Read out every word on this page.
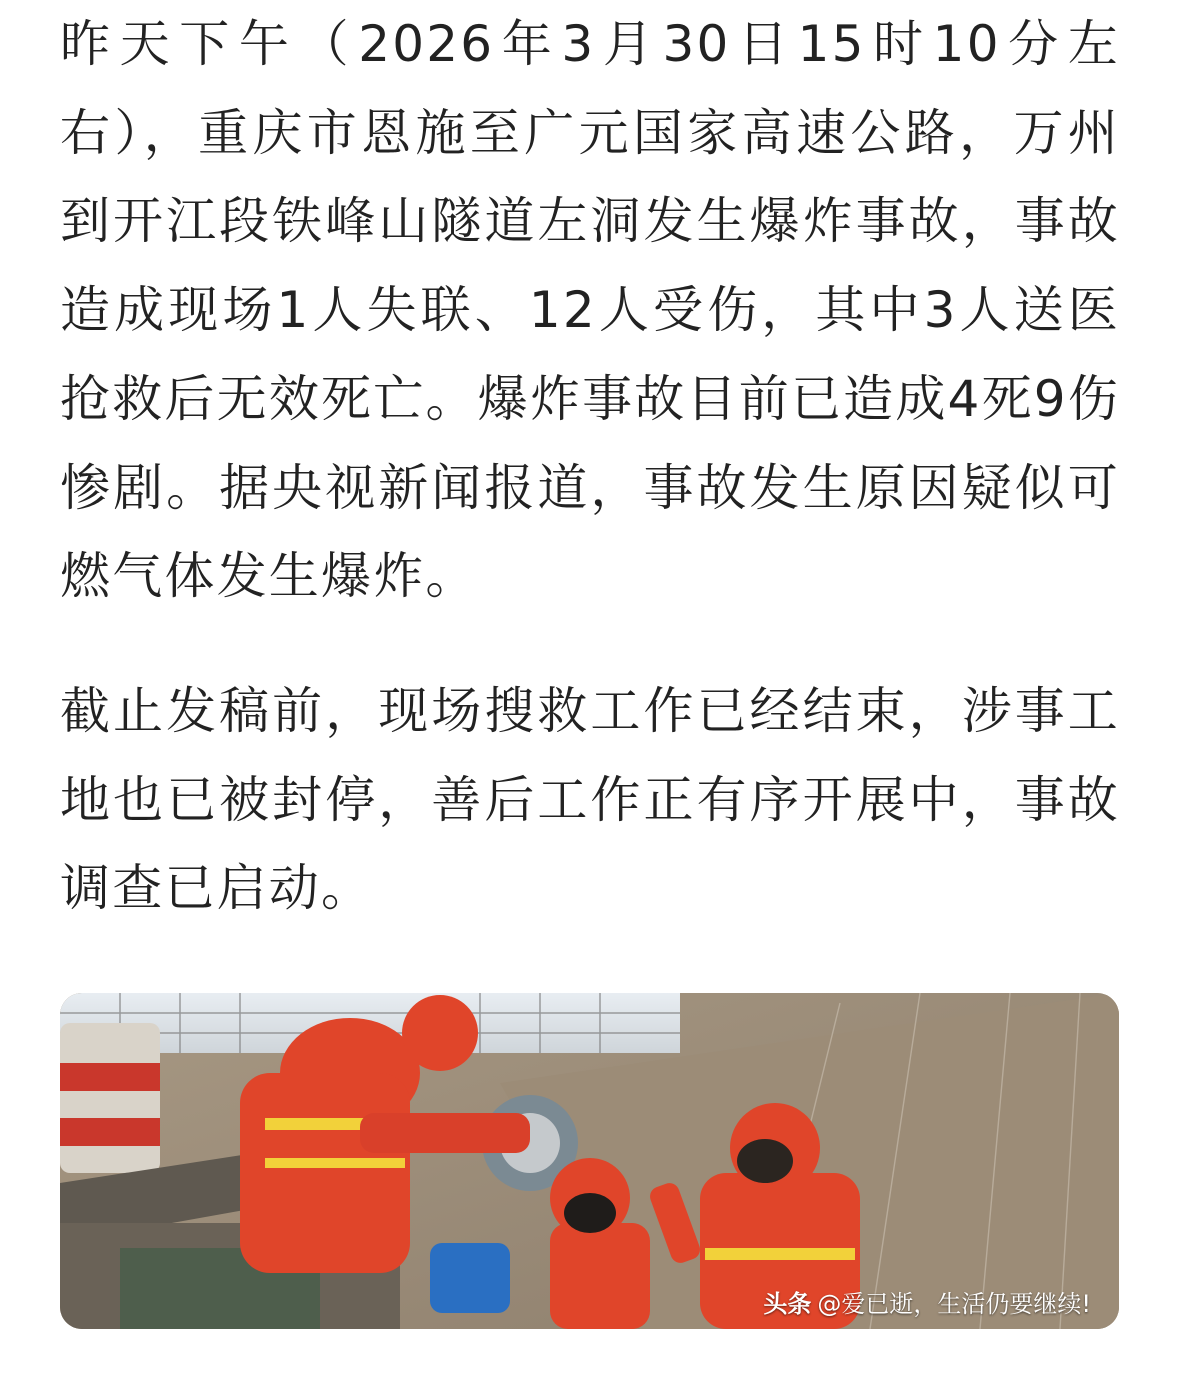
昨天下午（2026年3月30日15时10分左右），重庆市恩施至广元国家高速公路，万州到开江段铁峰山隧道左洞发生爆炸事故，事故造成现场1人失联、12人受伤，其中3人送医抢救后无效死亡。爆炸事故目前已造成4死9伤惨剧。据央视新闻报道，事故发生原因疑似可燃气体发生爆炸。

截止发稿前，现场搜救工作已经结束，涉事工地也已被封停，善后工作正有序开展中，事故调查已启动。

头条 @爱已逝，生活仍要继续!
